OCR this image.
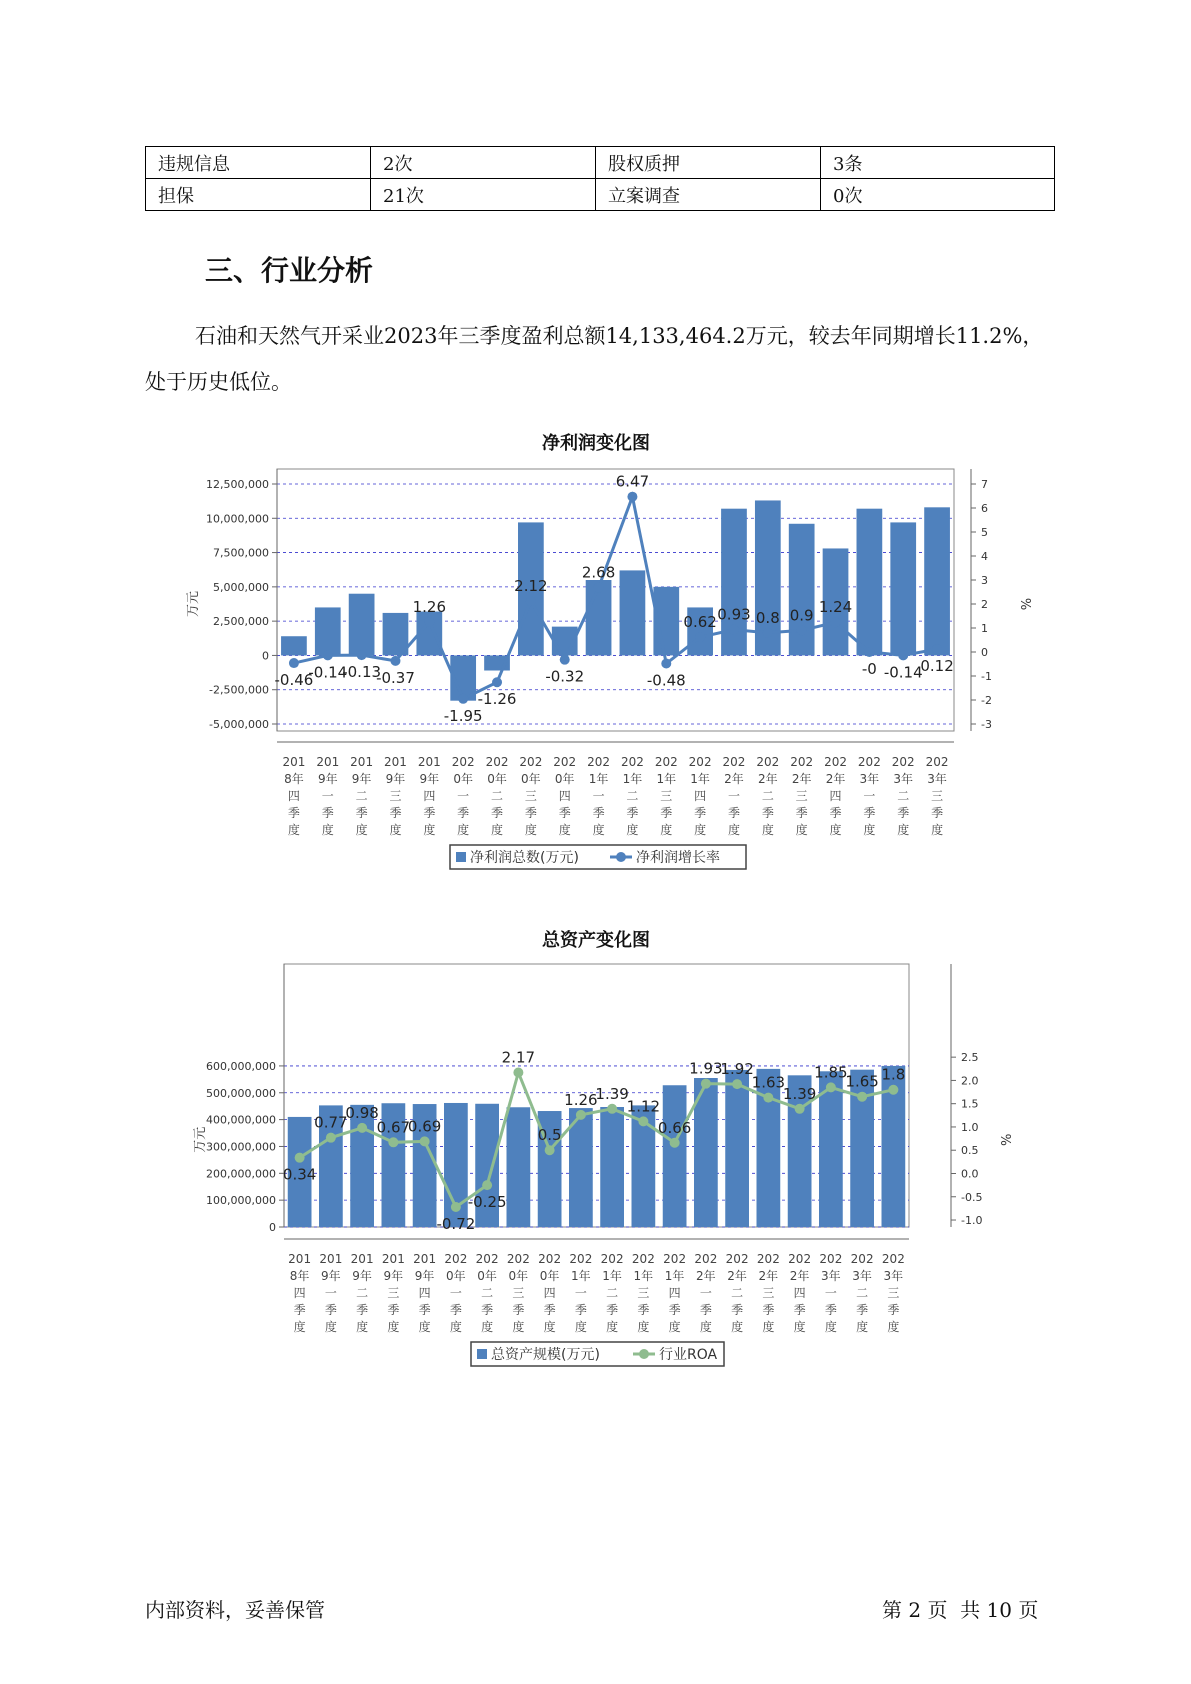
违规信息	2次	股权质押	3条
担保	21次	立案调查	0次
三、行业分析

石油和天然气开采业2023年三季度盈利总额14,133,464.2万元，较去年同期增长11.2%，处于历史低位。

净利润变化图
12,500,000
10,000,000
7,500,000
5,000,000
2,500,000
0
-2,500,000
-5,000,000
万元
7
6
5
4
3
2
1
0
-1
-2
-3
%
-0.46
-0.14
-0.13
-0.37
1.26
-1.95
-1.26
2.12
-0.32
2.68
6.47
-0.48
0.62 0.93 0.8 0.9 1.24
-0 -0.14
0.12
201 8年四季度
201 9年一季度
201 9年二季度
201 9年三季度
201 9年四季度
202 0年一季度
202 0年二季度
202 0年三季度
202 0年四季度
202 1年一季度
202 1年二季度
202 1年三季度
202 1年四季度
202 2年一季度
202 2年二季度
202 2年三季度
202 2年四季度
202 3年一季度
202 3年二季度
202 3年三季度
净利润总数(万元)	净利润增长率
总资产变化图
600,000,000
500,000,000
400,000,000
300,000,000
200,000,000
100,000,000
0
万元
2.5
2.0
1.5
1.0
0.5
0.0
-0.5
-1.0
%
0.34
0.77
0.98
0.67
0.69
-0.72
-0.25
2.17
0.5
1.26
1.39
1.12
0.66
1.93
1.92
1.63
1.39
1.85
1.65 1.8
201 8年四季度
201 9年一季度
201 9年二季度
201 9年三季度
201 9年四季度
202 0年一季度
202 0年二季度
202 0年三季度
202 0年四季度
202 1年一季度
202 1年二季度
202 1年三季度
202 1年四季度
202 2年一季度
202 2年二季度
202 2年三季度
202 2年四季度
202 3年一季度
202 3年二季度
202 3年三季度
总资产规模(万元)	行业ROA
内部资料，妥善保管	第 2 页  共 10 页
